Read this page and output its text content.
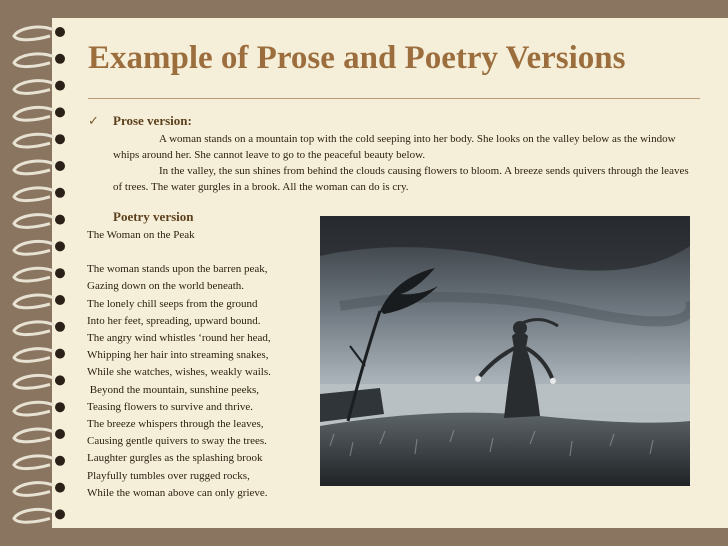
Example of Prose and Poetry Versions
✓ Prose version:

A woman stands on a mountain top with the cold seeping into her body. She looks on the valley below as the window whips around her. She cannot leave to go to the peaceful beauty below.

In the valley, the sun shines from behind the clouds causing flowers to bloom. A breeze sends quivers through the leaves of trees. The water gurgles in a brook. All the woman can do is cry.

Poetry version
The Woman on the Peak
The woman stands upon the barren peak,
Gazing down on the world beneath.
The lonely chill seeps from the ground
Into her feet, spreading, upward bound.
The angry wind whistles ‘round her head,
Whipping her hair into streaming snakes,
While she watches, wishes, weakly wails.
Beyond the mountain, sunshine peeks,
Teasing flowers to survive and thrive.
The breeze whispers through the leaves,
Causing gentle quivers to sway the trees.
Laughter gurgles as the splashing brook
Playfully tumbles over rugged rocks,
While the woman above can only grieve.
